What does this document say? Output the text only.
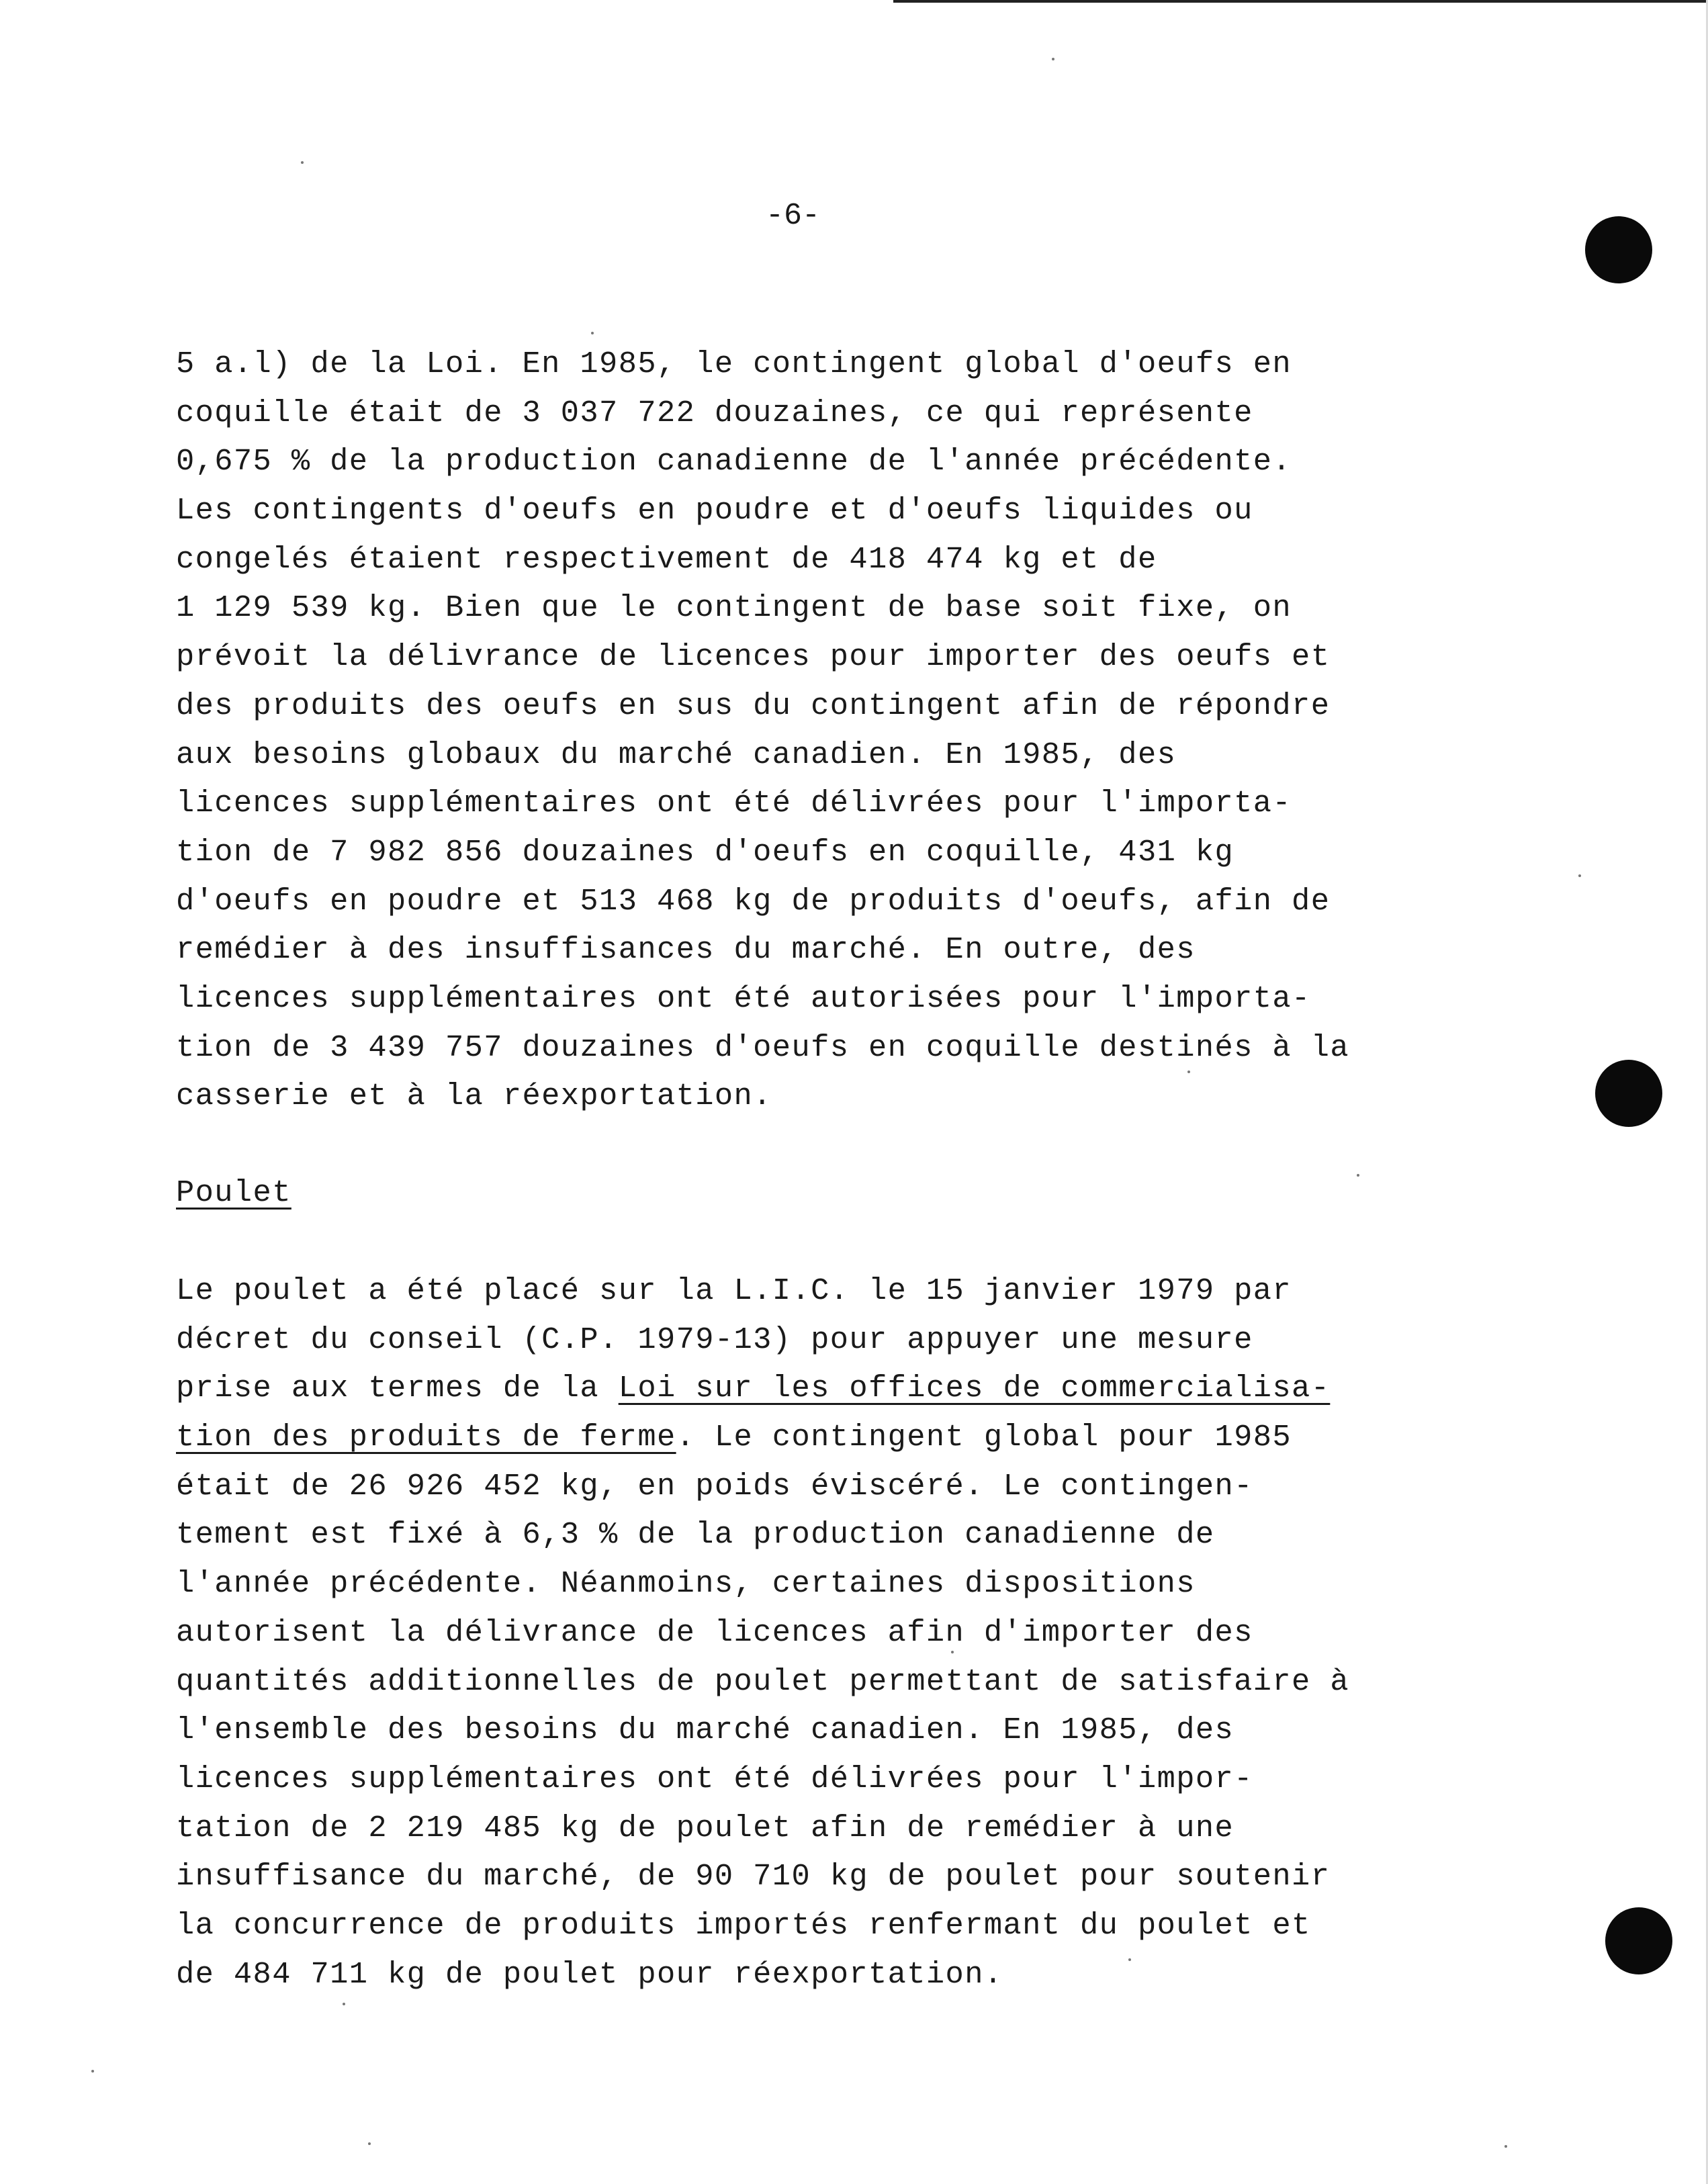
-6-
5 a.l) de la Loi. En 1985, le contingent global d'oeufs en
coquille était de 3 037 722 douzaines, ce qui représente
0,675 % de la production canadienne de l'année précédente.
Les contingents d'oeufs en poudre et d'oeufs liquides ou
congelés étaient respectivement de 418 474 kg et de
1 129 539 kg. Bien que le contingent de base soit fixe, on
prévoit la délivrance de licences pour importer des oeufs et
des produits des oeufs en sus du contingent afin de répondre
aux besoins globaux du marché canadien. En 1985, des
licences supplémentaires ont été délivrées pour l'importa-
tion de 7 982 856 douzaines d'oeufs en coquille, 431 kg
d'oeufs en poudre et 513 468 kg de produits d'oeufs, afin de
remédier à des insuffisances du marché. En outre, des
licences supplémentaires ont été autorisées pour l'importa-
tion de 3 439 757 douzaines d'oeufs en coquille destinés à la
casserie et à la réexportation.
Poulet
Le poulet a été placé sur la L.I.C. le 15 janvier 1979 par
décret du conseil (C.P. 1979-13) pour appuyer une mesure
prise aux termes de la Loi sur les offices de commercialisa-
tion des produits de ferme. Le contingent global pour 1985
était de 26 926 452 kg, en poids éviscéré. Le contingen-
tement est fixé à 6,3 % de la production canadienne de
l'année précédente. Néanmoins, certaines dispositions
autorisent la délivrance de licences afin d'importer des
quantités additionnelles de poulet permettant de satisfaire à
l'ensemble des besoins du marché canadien. En 1985, des
licences supplémentaires ont été délivrées pour l'impor-
tation de 2 219 485 kg de poulet afin de remédier à une
insuffisance du marché, de 90 710 kg de poulet pour soutenir
la concurrence de produits importés renfermant du poulet et
de 484 711 kg de poulet pour réexportation.
